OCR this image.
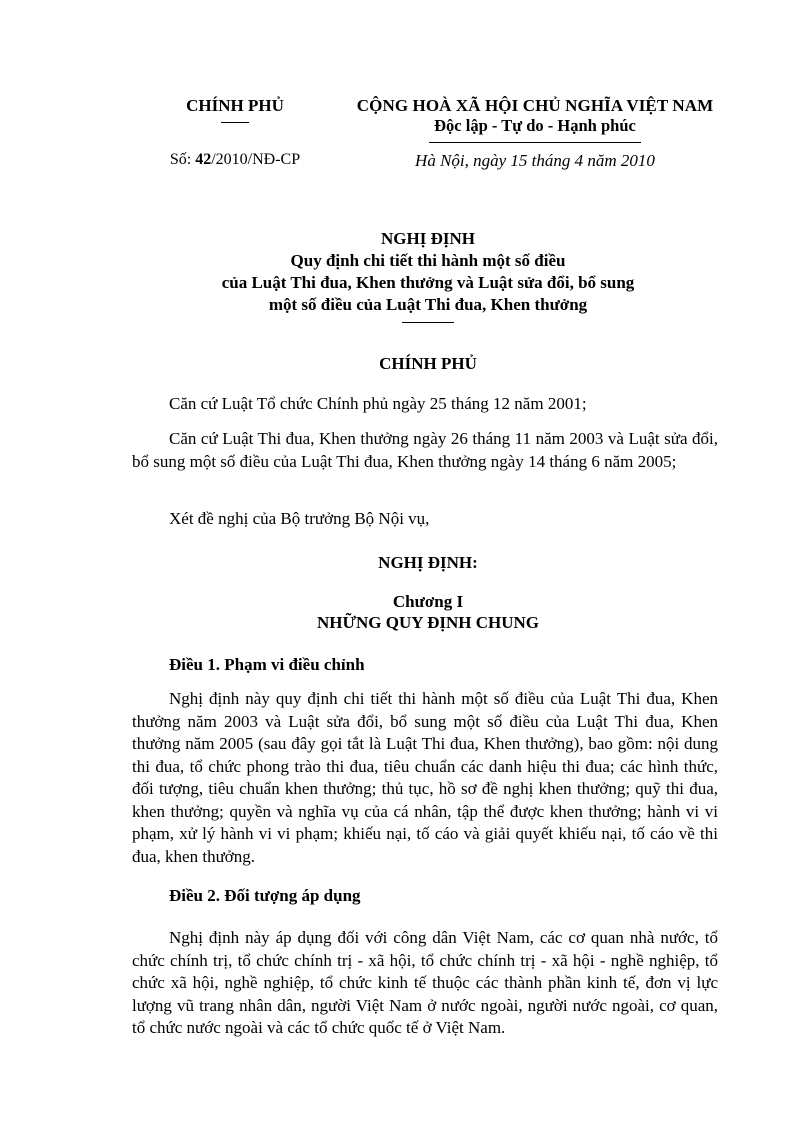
CHÍNH PHỦ	CỘNG HOÀ XÃ HỘI CHỦ NGHĨA VIỆT NAM
Độc lập - Tự do - Hạnh phúc
Số: 42/2010/NĐ-CP	Hà Nội, ngày 15 tháng 4 năm 2010
NGHỊ ĐỊNH
Quy định chi tiết thi hành một số điều
của Luật Thi đua, Khen thưởng và Luật sửa đổi, bổ sung
một số điều của Luật Thi đua, Khen thưởng
CHÍNH PHỦ
Căn cứ Luật Tổ chức Chính phủ ngày 25 tháng 12 năm 2001;
Căn cứ Luật Thi đua, Khen thưởng ngày 26 tháng 11 năm 2003 và Luật sửa đổi, bổ sung một số điều của Luật Thi đua, Khen thưởng ngày 14 tháng 6 năm 2005;
Xét đề nghị của Bộ trưởng Bộ Nội vụ,
NGHỊ ĐỊNH:
Chương I
NHỮNG QUY ĐỊNH CHUNG
Điều 1. Phạm vi điều chỉnh
Nghị định này quy định chi tiết thi hành một số điều của Luật Thi đua, Khen thưởng năm 2003 và Luật sửa đổi, bổ sung một số điều của Luật Thi đua, Khen thưởng năm 2005 (sau đây gọi tắt là Luật Thi đua, Khen thưởng), bao gồm: nội dung thi đua, tổ chức phong trào thi đua, tiêu chuẩn các danh hiệu thi đua; các hình thức, đối tượng, tiêu chuẩn khen thưởng; thủ tục, hồ sơ đề nghị khen thưởng; quỹ thi đua, khen thưởng; quyền và nghĩa vụ của cá nhân, tập thể được khen thưởng; hành vi vi phạm, xử lý hành vi vi phạm; khiếu nại, tố cáo và giải quyết khiếu nại, tố cáo về thi đua, khen thưởng.
Điều 2. Đối tượng áp dụng
Nghị định này áp dụng đối với công dân Việt Nam, các cơ quan nhà nước, tổ chức chính trị, tổ chức chính trị - xã hội, tổ chức chính trị - xã hội - nghề nghiệp, tổ chức xã hội, nghề nghiệp, tổ chức kinh tế thuộc các thành phần kinh tế, đơn vị lực lượng vũ trang nhân dân, người Việt Nam ở nước ngoài, người nước ngoài, cơ quan, tổ chức nước ngoài và các tổ chức quốc tế ở Việt Nam.
